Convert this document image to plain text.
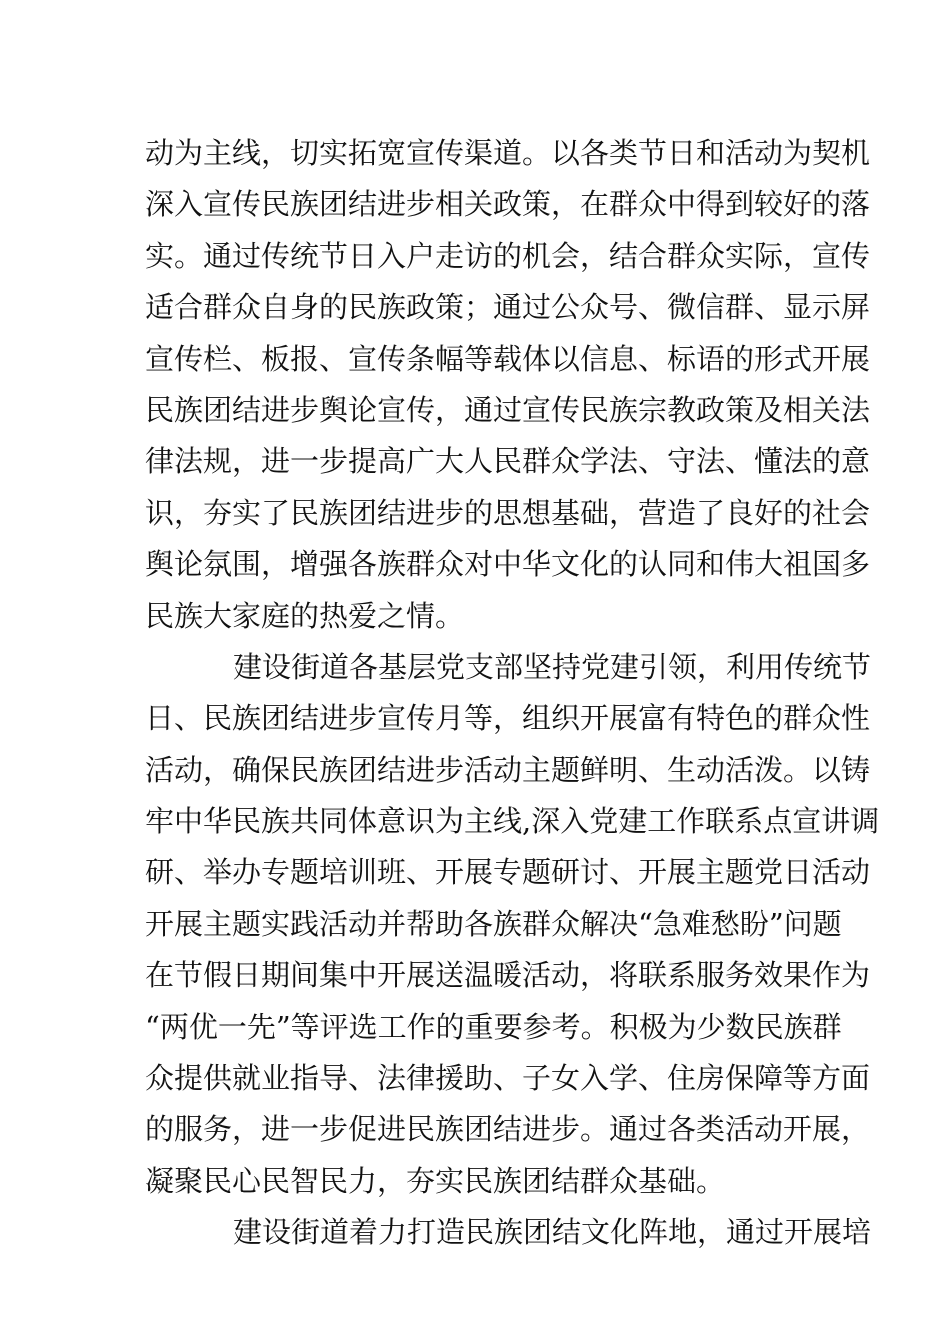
动为主线，切实拓宽宣传渠道。以各类节日和活动为契机
深入宣传民族团结进步相关政策，在群众中得到较好的落
实。通过传统节日入户走访的机会，结合群众实际，宣传
适合群众自身的民族政策；通过公众号、微信群、显示屏
宣传栏、板报、宣传条幅等载体以信息、标语的形式开展
民族团结进步舆论宣传，通过宣传民族宗教政策及相关法
律法规，进一步提高广大人民群众学法、守法、懂法的意
识，夯实了民族团结进步的思想基础，营造了良好的社会
舆论氛围，增强各族群众对中华文化的认同和伟大祖国多
民族大家庭的热爱之情。
建设街道各基层党支部坚持党建引领，利用传统节
日、民族团结进步宣传月等，组织开展富有特色的群众性
活动，确保民族团结进步活动主题鲜明、生动活泼。以铸
牢中华民族共同体意识为主线,深入党建工作联系点宣讲调
研、举办专题培训班、开展专题研讨、开展主题党日活动
开展主题实践活动并帮助各族群众解决“急难愁盼”问题
在节假日期间集中开展送温暖活动，将联系服务效果作为
“两优一先”等评选工作的重要参考。积极为少数民族群
众提供就业指导、法律援助、子女入学、住房保障等方面
的服务，进一步促进民族团结进步。通过各类活动开展，
凝聚民心民智民力，夯实民族团结群众基础。
建设街道着力打造民族团结文化阵地，通过开展培
